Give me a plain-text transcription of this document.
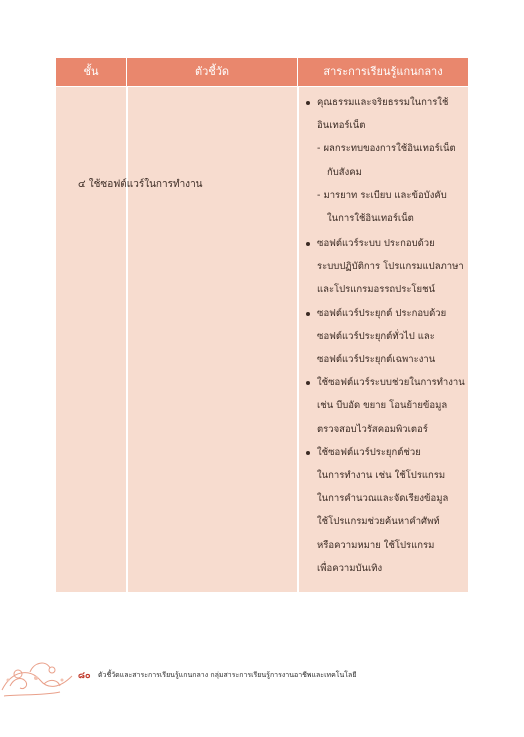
ชั้น	ตัวชี้วัด	สาระการเรียนรู้แกนกลาง
๔ ใช้ซอฟต์แวร์ในการทำงาน
คุณธรรมและจริยธรรมในการใช้
อินเทอร์เน็ต
- ผลกระทบของการใช้อินเทอร์เน็ต
กับสังคม
- มารยาท ระเบียบ และข้อบังคับ
ในการใช้อินเทอร์เน็ต
ซอฟต์แวร์ระบบ ประกอบด้วย
ระบบปฏิบัติการ โปรแกรมแปลภาษา
และโปรแกรมอรรถประโยชน์
ซอฟต์แวร์ประยุกต์ ประกอบด้วย
ซอฟต์แวร์ประยุกต์ทั่วไป และ
ซอฟต์แวร์ประยุกต์เฉพาะงาน
ใช้ซอฟต์แวร์ระบบช่วยในการทำงาน
เช่น บีบอัด ขยาย โอนย้ายข้อมูล
ตรวจสอบไวรัสคอมพิวเตอร์
ใช้ซอฟต์แวร์ประยุกต์ช่วย
ในการทำงาน เช่น ใช้โปรแกรม
ในการคำนวณและจัดเรียงข้อมูล
ใช้โปรแกรมช่วยค้นหาคำศัพท์
หรือความหมาย ใช้โปรแกรม
เพื่อความบันเทิง
๘๐ ตัวชี้วัดและสาระการเรียนรู้แกนกลาง กลุ่มสาระการเรียนรู้การงานอาชีพและเทคโนโลยี
